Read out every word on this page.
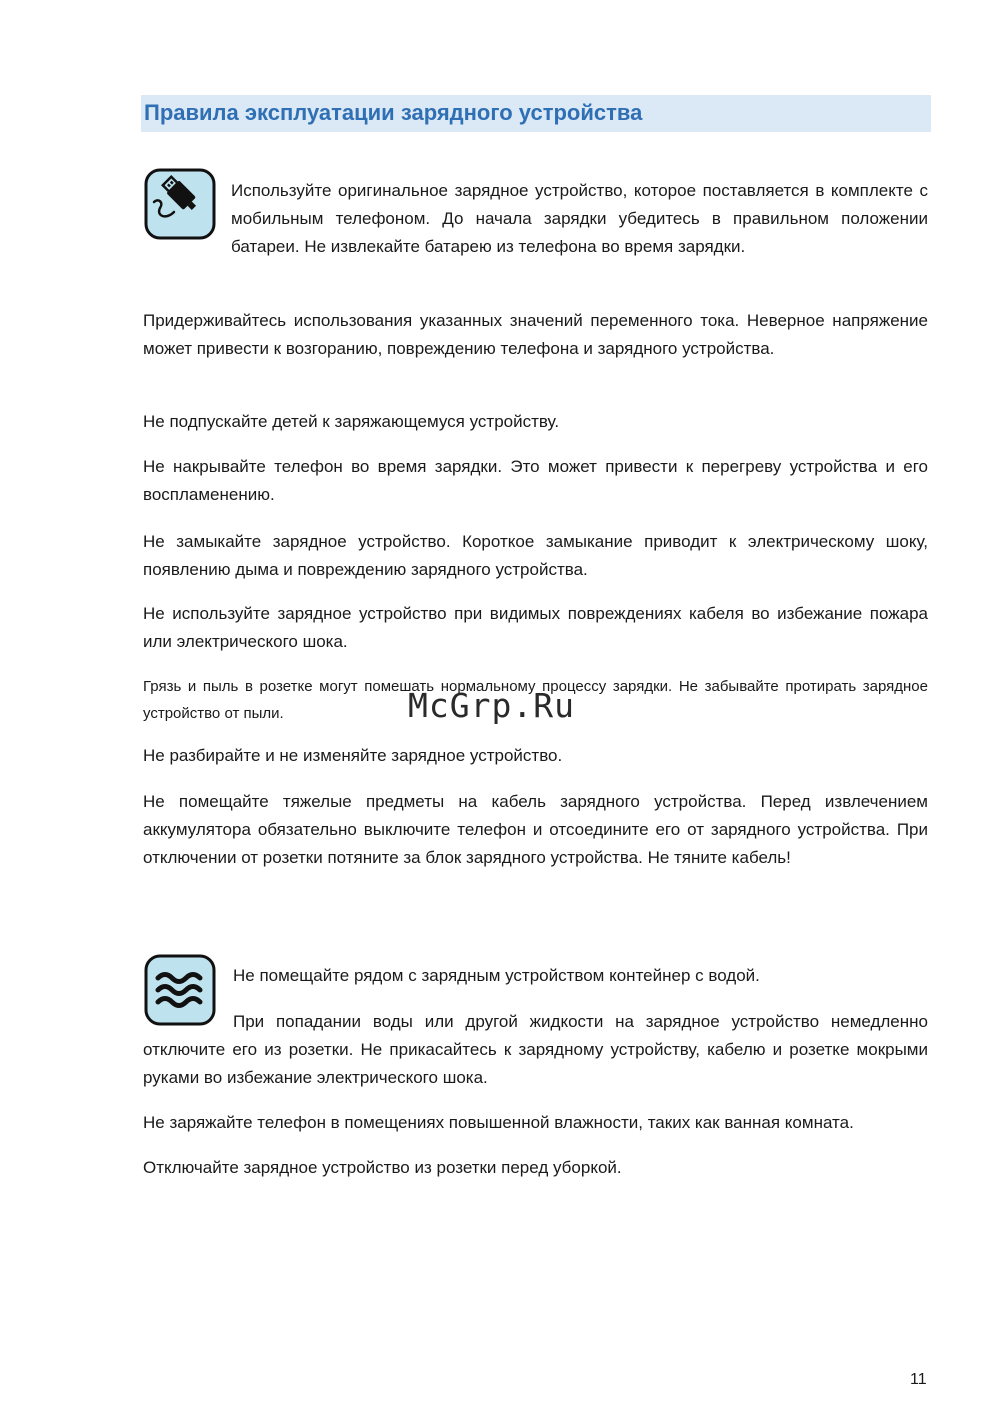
Правила эксплуатации зарядного устройства

Используйте оригинальное зарядное устройство, которое поставляется в комплекте с мобильным телефоном. До начала зарядки убедитесь в правильном положении батареи. Не извлекайте батарею из телефона во время зарядки.

Придерживайтесь использования указанных значений переменного тока. Неверное напряжение может привести к возгоранию, повреждению телефона и зарядного устройства.

Не подпускайте детей к заряжающемуся устройству.

Не накрывайте телефон во время зарядки. Это может привести к перегреву устройства и его воспламенению.

Не замыкайте зарядное устройство. Короткое замыкание приводит к электрическому шоку, появлению дыма и повреждению зарядного устройства.

Не используйте зарядное устройство при видимых повреждениях кабеля во избежание пожара или электрического шока.

Грязь и пыль в розетке могут помешать нормальному процессу зарядки. Не забывайте протирать зарядное устройство от пыли.

Не разбирайте и не изменяйте зарядное устройство.

Не помещайте тяжелые предметы на кабель зарядного устройства. Перед извлечением аккумулятора обязательно выключите телефон и отсоедините его от зарядного устройства. При отключении от розетки потяните за блок зарядного устройства. Не тяните кабель!

Не помещайте рядом с зарядным устройством контейнер с водой.

При попадании воды или другой жидкости на зарядное устройство немедленно отключите его из розетки. Не прикасайтесь к зарядному устройству, кабелю и розетке мокрыми руками во избежание электрического шока.

Не заряжайте телефон в помещениях повышенной влажности, таких как ванная комната.

Отключайте зарядное устройство из розетки перед уборкой.

McGrp.Ru
11
